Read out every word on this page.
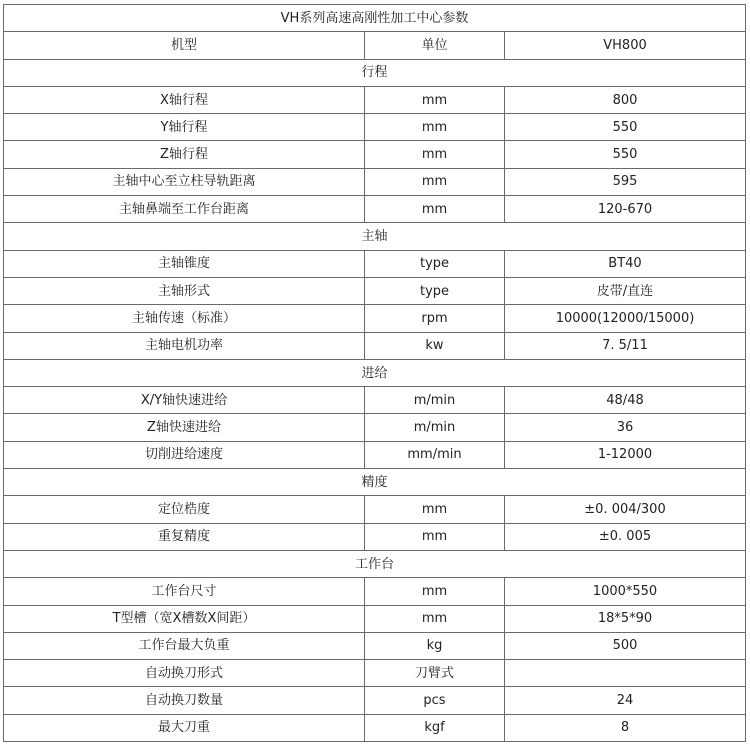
VH系列高速高刚性加工中心参数		
机型	单位	VH800
行程		
X轴行程	mm	800
Y轴行程	mm	550
Z轴行程	mm	550
主轴中心至立柱导轨距离	mm	595
主轴鼻端至工作台距离	mm	120-670
主轴		
主轴锥度	type	BT40
主轴形式	type	皮带/直连
主轴传速（标准）	rpm	10000(12000/15000)
主轴电机功率	kw	7. 5/11
进给		
X/Y轴快速进给	m/min	48/48
Z轴快速进给	m/min	36
切削进给速度	mm/min	1-12000
精度		
定位梏度	mm	±0. 004/300
重复精度	mm	±0. 005
工作台		
工作台尺寸	mm	1000*550
T型槽（宽X槽数X间距）	mm	18*5*90
工作台最大负重	kg	500
自动换刀形式	刀臂式	
自动换刀数量	pcs	24
最大刀重	kgf	8
